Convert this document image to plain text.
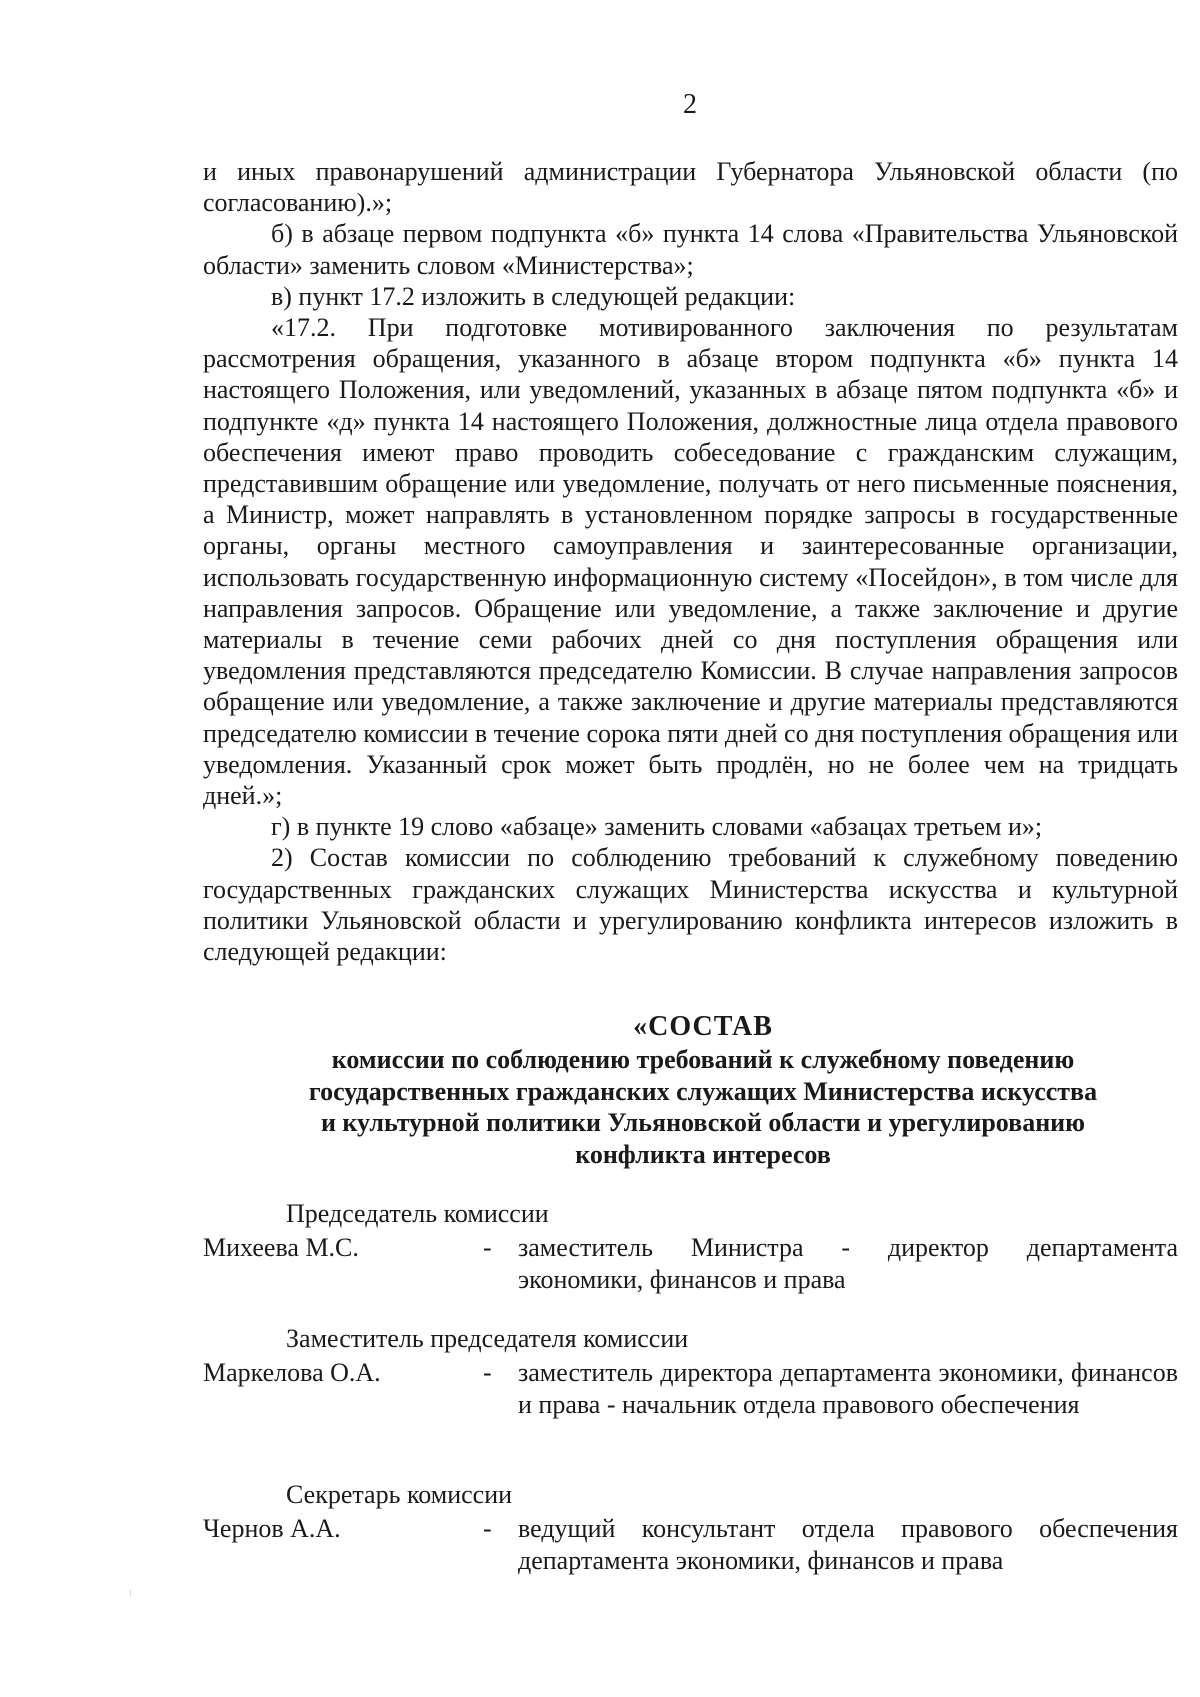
2

и иных правонарушений администрации Губернатора Ульяновской области (по согласованию).»;

б) в абзаце первом подпункта «б» пункта 14 слова «Правительства Ульяновской области» заменить словом «Министерства»;

в) пункт 17.2 изложить в следующей редакции:

«17.2. При подготовке мотивированного заключения по результатам рассмотрения обращения, указанного в абзаце втором подпункта «б» пункта 14 настоящего Положения, или уведомлений, указанных в абзаце пятом подпункта «б» и подпункте «д» пункта 14 настоящего Положения, должностные лица отдела правового обеспечения имеют право проводить собеседование с гражданским служащим, представившим обращение или уведомление, получать от него письменные пояснения, а Министр, может направлять в установленном порядке запросы в государственные органы, органы местного самоуправления и заинтересованные организации, использовать государственную информационную систему «Посейдон», в том числе для направления запросов. Обращение или уведомление, а также заключение и другие материалы в течение семи рабочих дней со дня поступления обращения или уведомления представляются председателю Комиссии. В случае направления запросов обращение или уведомление, а также заключение и другие материалы представляются председателю комиссии в течение сорока пяти дней со дня поступления обращения или уведомления. Указанный срок может быть продлён, но не более чем на тридцать дней.»;

г) в пункте 19 слово «абзаце» заменить словами «абзацах третьем и»;

2) Состав комиссии по соблюдению требований к служебному поведению государственных гражданских служащих Министерства искусства и культурной политики Ульяновской области и урегулированию конфликта интересов изложить в следующей редакции:

«СОСТАВ
комиссии по соблюдению требований к служебному поведению
государственных гражданских служащих Министерства искусства
и культурной политики Ульяновской области и урегулированию
конфликта интересов
Председатель комиссии
Михеева М.С.	- заместитель Министра - директор департамента экономики, финансов и права
Заместитель председателя комиссии
Маркелова О.А.	- заместитель директора департамента экономики, финансов и права - начальник отдела правового обеспечения
Секретарь комиссии
Чернов А.А.	- ведущий консультант отдела правового обеспечения департамента экономики, финансов и права
